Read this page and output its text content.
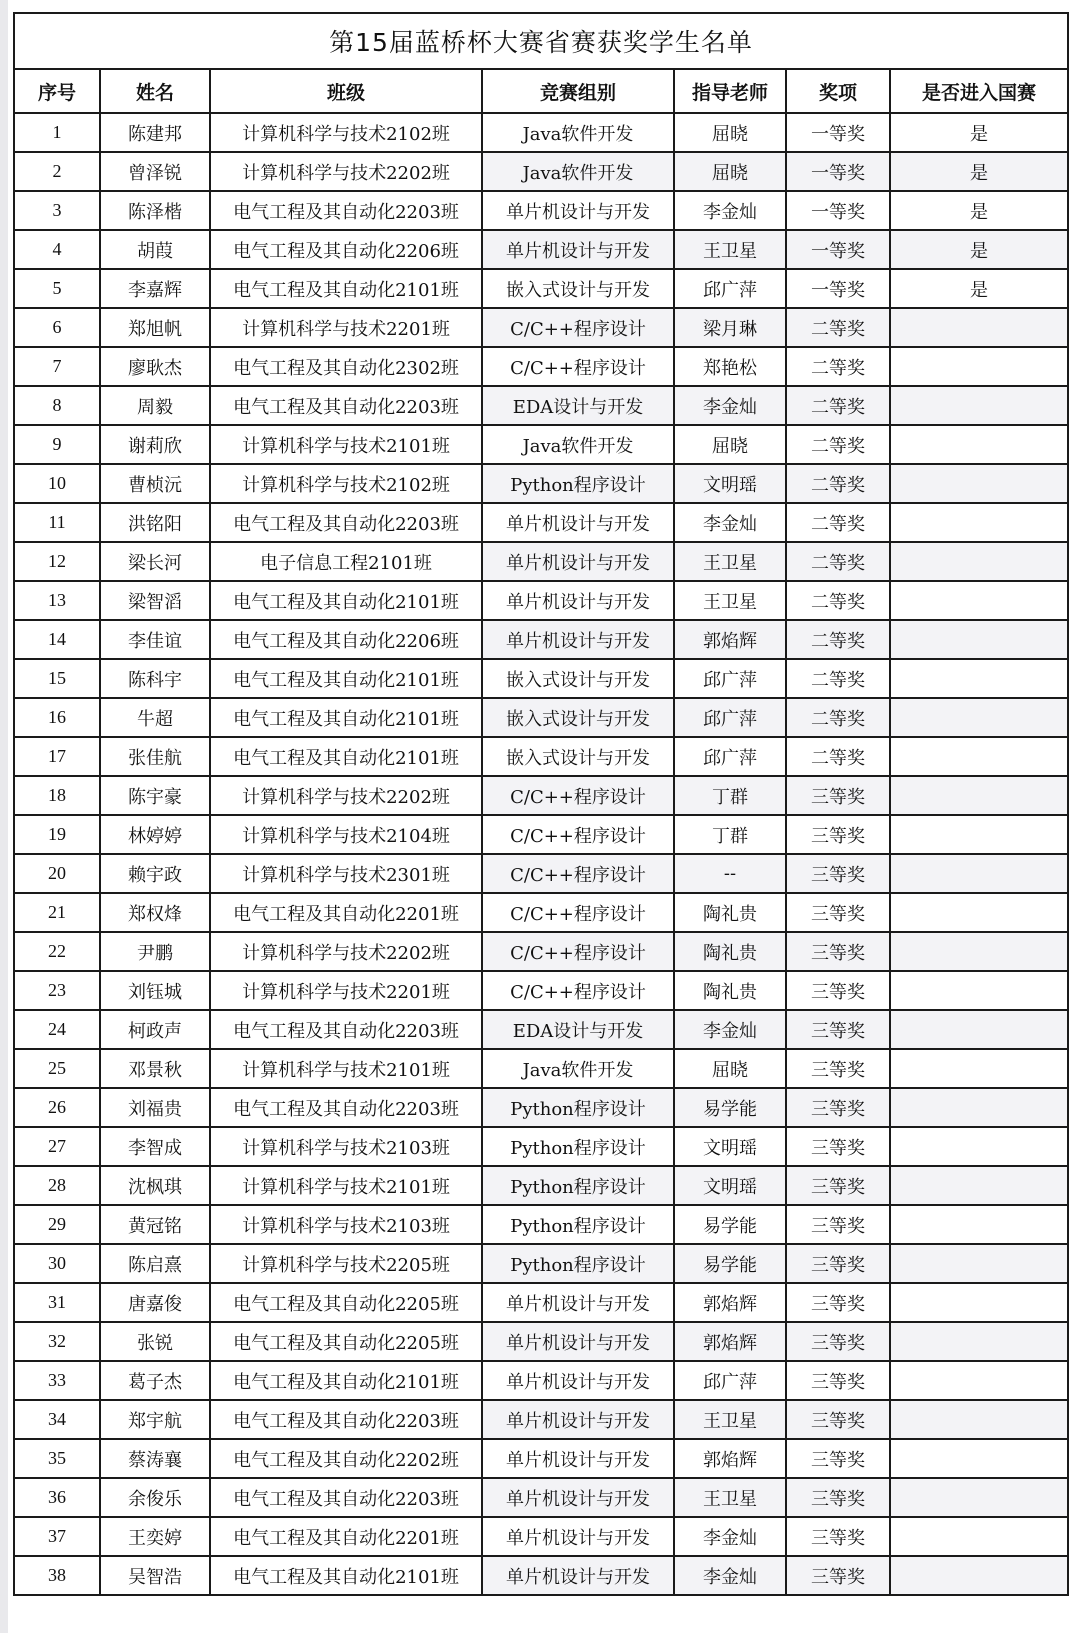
第15届蓝桥杯大赛省赛获奖学生名单						
序号	姓名	班级	竞赛组别	指导老师	奖项	是否进入国赛
1	陈建邦	计算机科学与技术2102班	Java软件开发	屈晓	一等奖	是
2	曾泽锐	计算机科学与技术2202班	Java软件开发	屈晓	一等奖	是
3	陈泽楷	电气工程及其自动化2203班	单片机设计与开发	李金灿	一等奖	是
4	胡葭	电气工程及其自动化2206班	单片机设计与开发	王卫星	一等奖	是
5	李嘉辉	电气工程及其自动化2101班	嵌入式设计与开发	邱广萍	一等奖	是
6	郑旭帆	计算机科学与技术2201班	C/C++程序设计	梁月琳	二等奖	
7	廖耿杰	电气工程及其自动化2302班	C/C++程序设计	郑艳松	二等奖	
8	周毅	电气工程及其自动化2203班	EDA设计与开发	李金灿	二等奖	
9	谢莉欣	计算机科学与技术2101班	Java软件开发	屈晓	二等奖	
10	曹桢沅	计算机科学与技术2102班	Python程序设计	文明瑶	二等奖	
11	洪铭阳	电气工程及其自动化2203班	单片机设计与开发	李金灿	二等奖	
12	梁长河	电子信息工程2101班	单片机设计与开发	王卫星	二等奖	
13	梁智滔	电气工程及其自动化2101班	单片机设计与开发	王卫星	二等奖	
14	李佳谊	电气工程及其自动化2206班	单片机设计与开发	郭焰辉	二等奖	
15	陈科宇	电气工程及其自动化2101班	嵌入式设计与开发	邱广萍	二等奖	
16	牛超	电气工程及其自动化2101班	嵌入式设计与开发	邱广萍	二等奖	
17	张佳航	电气工程及其自动化2101班	嵌入式设计与开发	邱广萍	二等奖	
18	陈宇豪	计算机科学与技术2202班	C/C++程序设计	丁群	三等奖	
19	林婷婷	计算机科学与技术2104班	C/C++程序设计	丁群	三等奖	
20	赖宇政	计算机科学与技术2301班	C/C++程序设计	--	三等奖	
21	郑权烽	电气工程及其自动化2201班	C/C++程序设计	陶礼贵	三等奖	
22	尹鹏	计算机科学与技术2202班	C/C++程序设计	陶礼贵	三等奖	
23	刘钰城	计算机科学与技术2201班	C/C++程序设计	陶礼贵	三等奖	
24	柯政声	电气工程及其自动化2203班	EDA设计与开发	李金灿	三等奖	
25	邓景秋	计算机科学与技术2101班	Java软件开发	屈晓	三等奖	
26	刘福贵	电气工程及其自动化2203班	Python程序设计	易学能	三等奖	
27	李智成	计算机科学与技术2103班	Python程序设计	文明瑶	三等奖	
28	沈枫琪	计算机科学与技术2101班	Python程序设计	文明瑶	三等奖	
29	黄冠铭	计算机科学与技术2103班	Python程序设计	易学能	三等奖	
30	陈启熹	计算机科学与技术2205班	Python程序设计	易学能	三等奖	
31	唐嘉俊	电气工程及其自动化2205班	单片机设计与开发	郭焰辉	三等奖	
32	张锐	电气工程及其自动化2205班	单片机设计与开发	郭焰辉	三等奖	
33	葛子杰	电气工程及其自动化2101班	单片机设计与开发	邱广萍	三等奖	
34	郑宇航	电气工程及其自动化2203班	单片机设计与开发	王卫星	三等奖	
35	蔡涛襄	电气工程及其自动化2202班	单片机设计与开发	郭焰辉	三等奖	
36	余俊乐	电气工程及其自动化2203班	单片机设计与开发	王卫星	三等奖	
37	王奕婷	电气工程及其自动化2201班	单片机设计与开发	李金灿	三等奖	
38	吴智浩	电气工程及其自动化2101班	单片机设计与开发	李金灿	三等奖	
